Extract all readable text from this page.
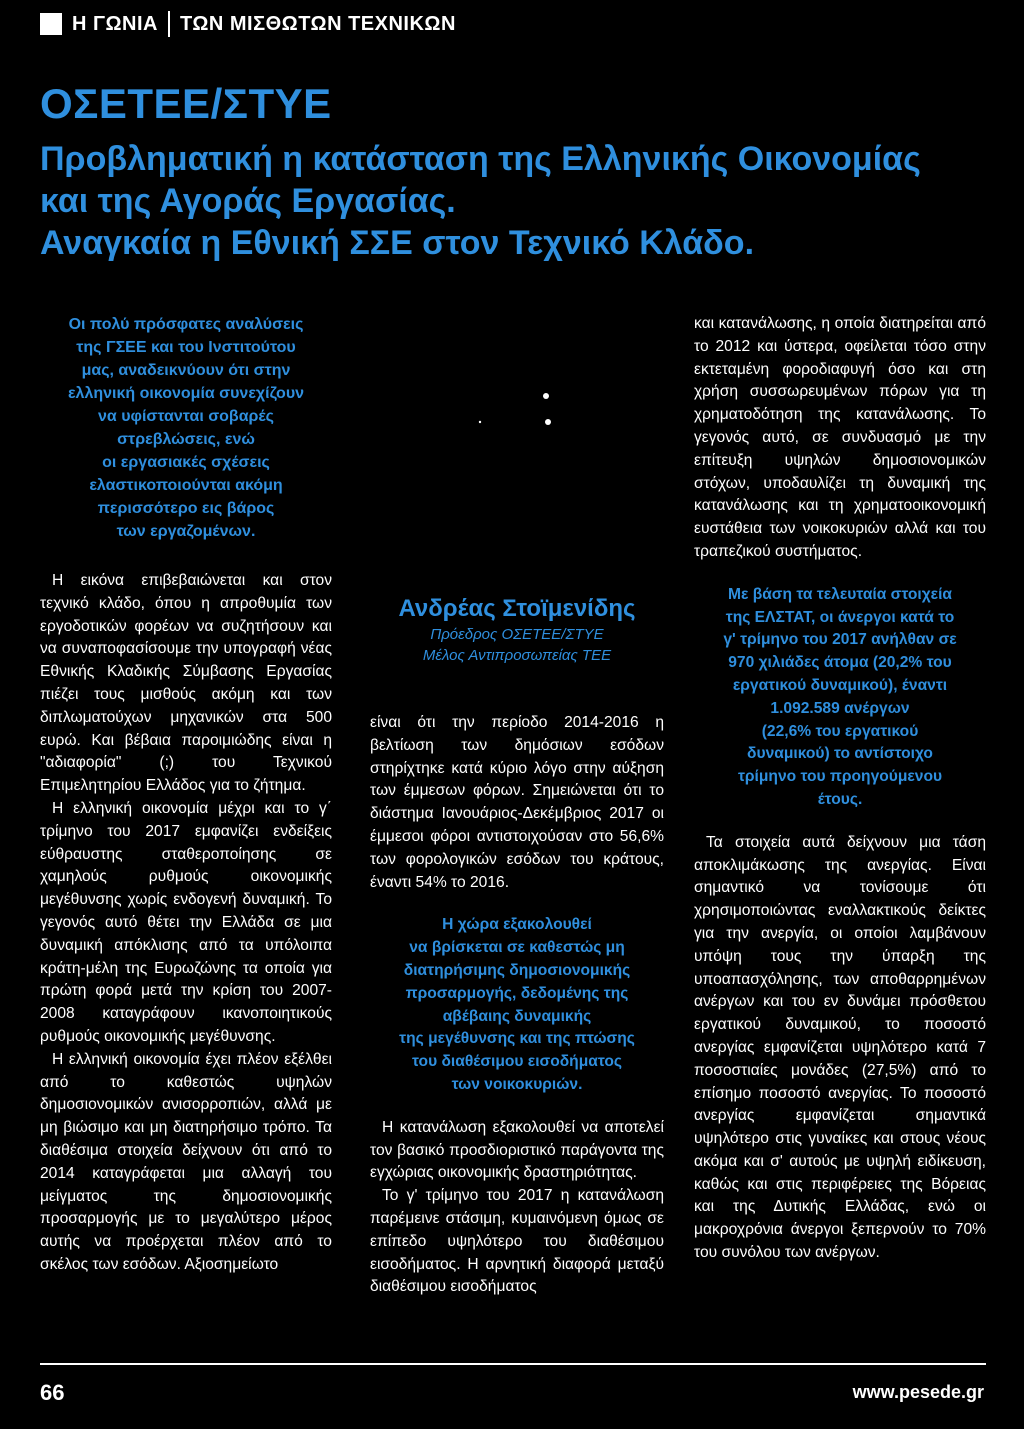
Η ΓΩΝΙΑ ΤΩΝ ΜΙΣΘΩΤΩΝ ΤΕΧΝΙΚΩΝ
ΟΣΕΤΕΕ/ΣΤΥΕ
Προβληματική η κατάσταση της Ελληνικής Οικονομίας
και της Αγοράς Εργασίας.
Αναγκαία η Εθνική ΣΣΕ στον Τεχνικό Κλάδο.
Οι πολύ πρόσφατες αναλύσεις
της ΓΣΕΕ και του Ινστιτούτου
μας, αναδεικνύουν ότι στην
ελληνική οικονομία συνεχίζουν
να υφίστανται σοβαρές
στρεβλώσεις, ενώ
οι εργασιακές σχέσεις
ελαστικοποιούνται ακόμη
περισσότερο εις βάρος
των εργαζομένων.

Η εικόνα επιβεβαιώνεται και στον τεχνικό κλάδο, όπου η απροθυμία των εργοδοτικών φορέων να συζητήσουν και να συναποφασίσουμε την υπογραφή νέας Εθνικής Κλαδικής Σύμβασης Εργασίας πιέζει τους μισθούς ακόμη και των διπλωματούχων μηχανικών στα 500 ευρώ. Και βέβαια παροιμιώδης είναι η "αδιαφορία" (;) του Τεχνικού Επιμελητηρίου Ελλάδος για το ζήτημα.

Η ελληνική οικονομία μέχρι και το γ΄ τρίμηνο του 2017 εμφανίζει ενδείξεις εύθραυστης σταθεροποίησης σε χαμηλούς ρυθμούς οικονομικής μεγέθυνσης χωρίς ενδογενή δυναμική. Το γεγονός αυτό θέτει την Ελλάδα σε μια δυναμική απόκλισης από τα υπόλοιπα κράτη-μέλη της Ευρωζώνης τα οποία για πρώτη φορά μετά την κρίση του 2007-2008 καταγράφουν ικανοποιητικούς ρυθμούς οικονομικής μεγέθυνσης.

Η ελληνική οικονομία έχει πλέον εξέλθει από το καθεστώς υψηλών δημοσιονομικών ανισορροπιών, αλλά με μη βιώσιμο και μη διατηρήσιμο τρόπο. Τα διαθέσιμα στοιχεία δείχνουν ότι από το 2014 καταγράφεται μια αλλαγή του μείγματος της δημοσιονομικής προσαρμογής με το μεγαλύτερο μέρος αυτής να προέρχεται πλέον από το σκέλος των εσόδων. Αξιοσημείωτο

Ανδρέας Στοϊμενίδης
Πρόεδρος ΟΣΕΤΕΕ/ΣΤΥΕ
Μέλος Αντιπροσωπείας ΤΕΕ

είναι ότι την περίοδο 2014-2016 η βελτίωση των δημόσιων εσόδων στηρίχτηκε κατά κύριο λόγο στην αύξηση των έμμεσων φόρων. Σημειώνεται ότι το διάστημα Ιανουάριος-Δεκέμβριος 2017 οι έμμεσοι φόροι αντιστοιχούσαν στο 56,6% των φορολογικών εσόδων του κράτους, έναντι 54% το 2016.

Η χώρα εξακολουθεί
να βρίσκεται σε καθεστώς μη
διατηρήσιμης δημοσιονομικής
προσαρμογής, δεδομένης της
αβέβαιης δυναμικής
της μεγέθυνσης και της πτώσης
του διαθέσιμου εισοδήματος
των νοικοκυριών.

Η κατανάλωση εξακολουθεί να αποτελεί τον βασικό προσδιοριστικό παράγοντα της εγχώριας οικονομικής δραστηριότητας.

Το γ' τρίμηνο του 2017 η κατανάλωση παρέμεινε στάσιμη, κυμαινόμενη όμως σε επίπεδο υψηλότερο του διαθέσιμου εισοδήματος. Η αρνητική διαφορά μεταξύ διαθέσιμου εισοδήματος

και κατανάλωσης, η οποία διατηρείται από το 2012 και ύστερα, οφείλεται τόσο στην εκτεταμένη φοροδιαφυγή όσο και στη χρήση συσσωρευμένων πόρων για τη χρηματοδότηση της κατανάλωσης. Το γεγονός αυτό, σε συνδυασμό με την επίτευξη υψηλών δημοσιονομικών στόχων, υποδαυλίζει τη δυναμική της κατανάλωσης και τη χρηματοοικονομική ευστάθεια των νοικοκυριών αλλά και του τραπεζικού συστήματος.

Με βάση τα τελευταία στοιχεία
της ΕΛΣΤΑΤ, οι άνεργοι κατά το
γ' τρίμηνο του 2017 ανήλθαν σε
970 χιλιάδες άτομα (20,2% του
εργατικού δυναμικού), έναντι
1.092.589 ανέργων
(22,6% του εργατικού
δυναμικού) το αντίστοιχο
τρίμηνο του προηγούμενου
έτους.

Τα στοιχεία αυτά δείχνουν μια τάση αποκλιμάκωσης της ανεργίας. Είναι σημαντικό να τονίσουμε ότι χρησιμοποιώντας εναλλακτικούς δείκτες για την ανεργία, οι οποίοι λαμβάνουν υπόψη τους την ύπαρξη της υποαπασχόλησης, των αποθαρρημένων ανέργων και του εν δυνάμει πρόσθετου εργατικού δυναμικού, το ποσοστό ανεργίας εμφανίζεται υψηλότερο κατά 7 ποσοστιαίες μονάδες (27,5%) από το επίσημο ποσοστό ανεργίας. Το ποσοστό ανεργίας εμφανίζεται σημαντικά υψηλότερο στις γυναίκες και στους νέους ακόμα και σ' αυτούς με υψηλή ειδίκευση, καθώς και στις περιφέρειες της Βόρειας και της Δυτικής Ελλάδας, ενώ οι μακροχρόνια άνεργοι ξεπερνούν το 70% του συνόλου των ανέργων.

66	www.pesede.gr
